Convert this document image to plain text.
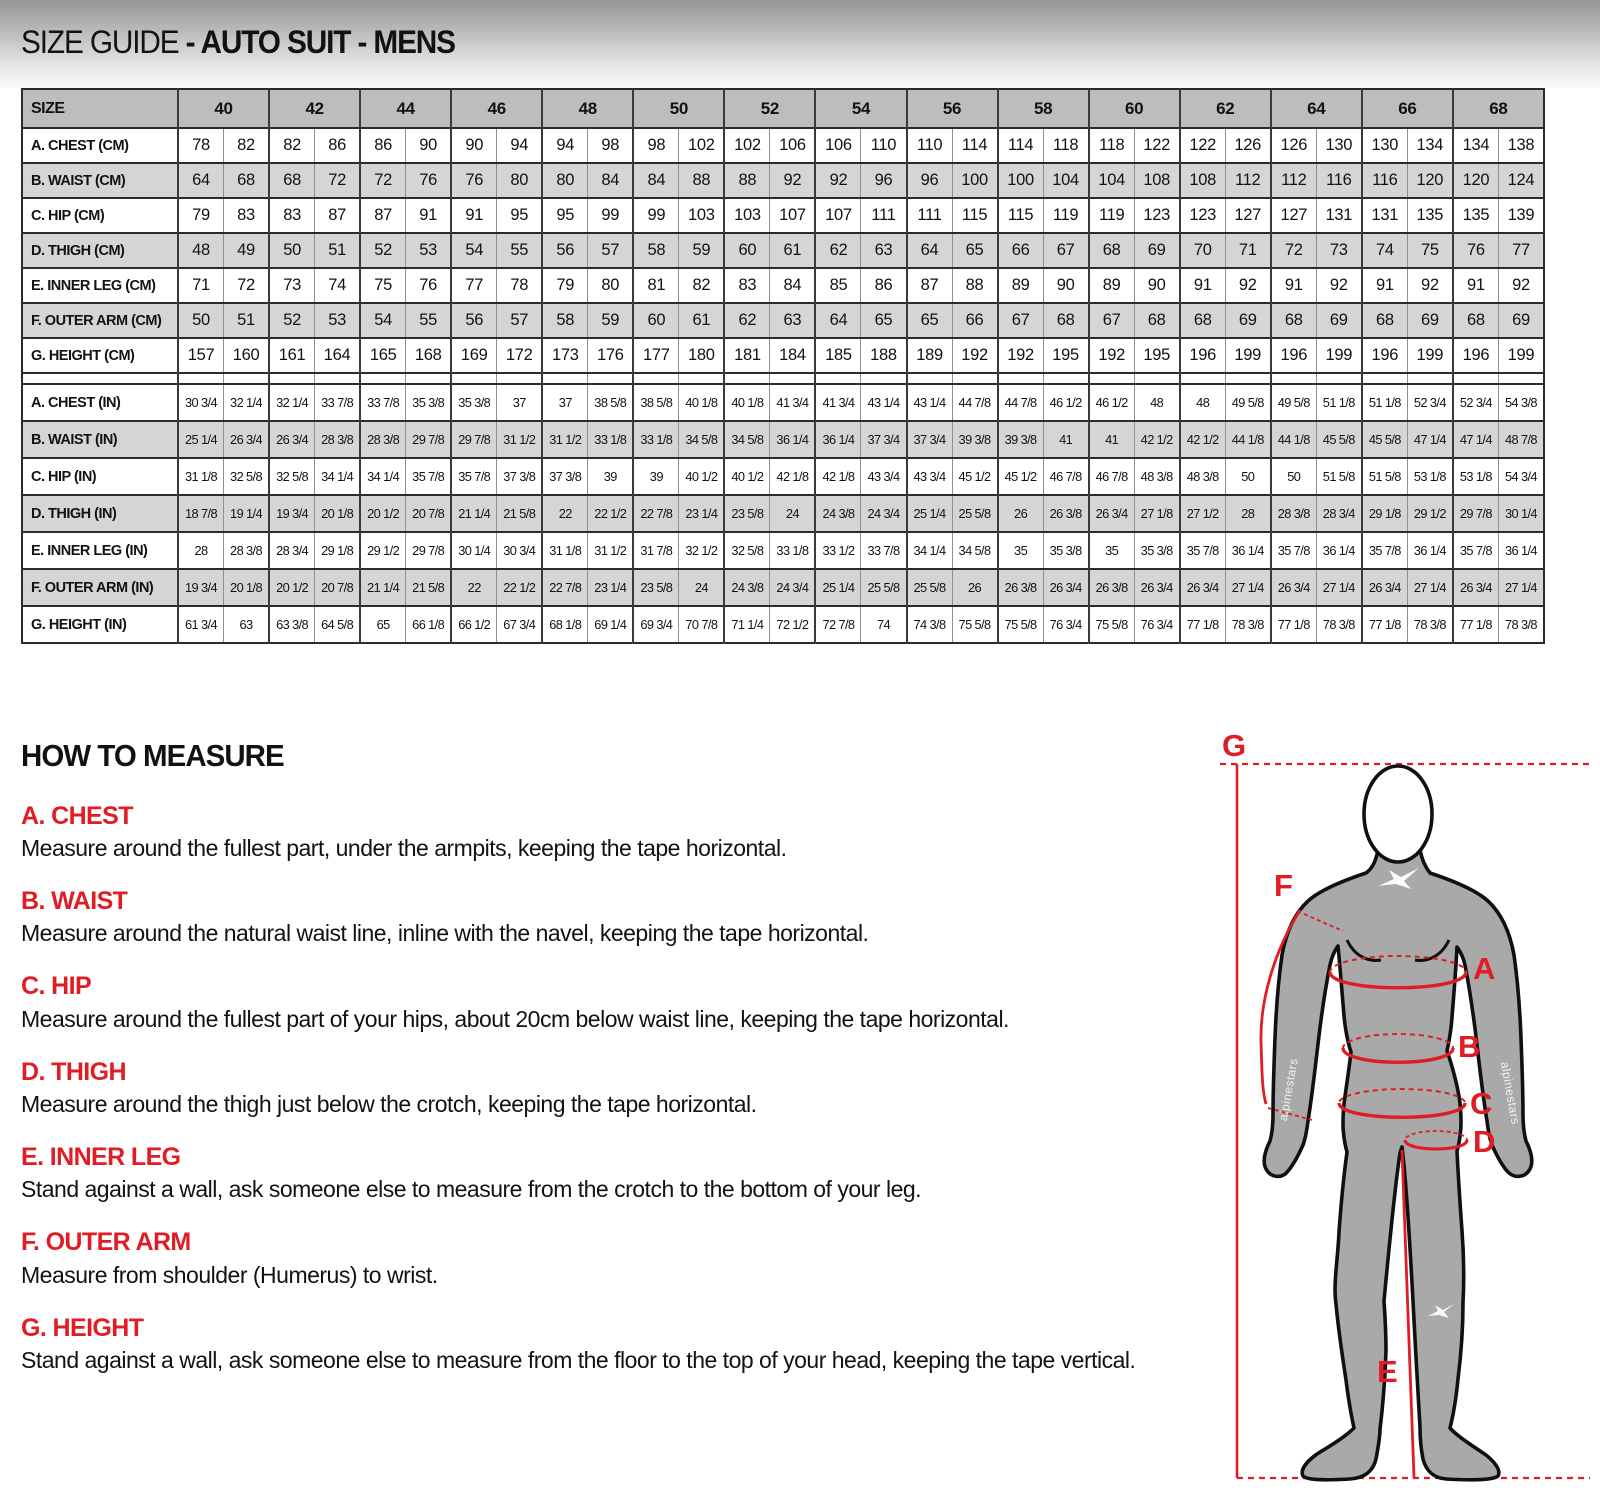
SIZE GUIDE - AUTO SUIT - MENS
SIZE	40		42		44		46		48		50		52		54		56		58		60		62		64		66		68	
A. CHEST (CM)	78	82	82	86	86	90	90	94	94	98	98	102	102	106	106	110	110	114	114	118	118	122	122	126	126	130	130	134	134	138
B. WAIST (CM)	64	68	68	72	72	76	76	80	80	84	84	88	88	92	92	96	96	100	100	104	104	108	108	112	112	116	116	120	120	124
C. HIP (CM)	79	83	83	87	87	91	91	95	95	99	99	103	103	107	107	111	111	115	115	119	119	123	123	127	127	131	131	135	135	139
D. THIGH (CM)	48	49	50	51	52	53	54	55	56	57	58	59	60	61	62	63	64	65	66	67	68	69	70	71	72	73	74	75	76	77
E. INNER LEG (CM)	71	72	73	74	75	76	77	78	79	80	81	82	83	84	85	86	87	88	89	90	89	90	91	92	91	92	91	92	91	92
F. OUTER ARM (CM)	50	51	52	53	54	55	56	57	58	59	60	61	62	63	64	65	65	66	67	68	67	68	68	69	68	69	68	69	68	69
G. HEIGHT (CM)	157	160	161	164	165	168	169	172	173	176	177	180	181	184	185	188	189	192	192	195	192	195	196	199	196	199	196	199	196	199

A. CHEST (IN)	30 3/4	32 1/4	32 1/4	33 7/8	33 7/8	35 3/8	35 3/8	37	37	38 5/8	38 5/8	40 1/8	40 1/8	41 3/4	41 3/4	43 1/4	43 1/4	44 7/8	44 7/8	46 1/2	46 1/2	48	48	49 5/8	49 5/8	51 1/8	51 1/8	52 3/4	52 3/4	54 3/8
B. WAIST (IN)	25 1/4	26 3/4	26 3/4	28 3/8	28 3/8	29 7/8	29 7/8	31 1/2	31 1/2	33 1/8	33 1/8	34 5/8	34 5/8	36 1/4	36 1/4	37 3/4	37 3/4	39 3/8	39 3/8	41	41	42 1/2	42 1/2	44 1/8	44 1/8	45 5/8	45 5/8	47 1/4	47 1/4	48 7/8
C. HIP (IN)	31 1/8	32 5/8	32 5/8	34 1/4	34 1/4	35 7/8	35 7/8	37 3/8	37 3/8	39	39	40 1/2	40 1/2	42 1/8	42 1/8	43 3/4	43 3/4	45 1/2	45 1/2	46 7/8	46 7/8	48 3/8	48 3/8	50	50	51 5/8	51 5/8	53 1/8	53 1/8	54 3/4
D. THIGH (IN)	18 7/8	19 1/4	19 3/4	20 1/8	20 1/2	20 7/8	21 1/4	21 5/8	22	22 1/2	22 7/8	23 1/4	23 5/8	24	24 3/8	24 3/4	25 1/4	25 5/8	26	26 3/8	26 3/4	27 1/8	27 1/2	28	28 3/8	28 3/4	29 1/8	29 1/2	29 7/8	30 1/4
E. INNER LEG (IN)	28	28 3/8	28 3/4	29 1/8	29 1/2	29 7/8	30 1/4	30 3/4	31 1/8	31 1/2	31 7/8	32 1/2	32 5/8	33 1/8	33 1/2	33 7/8	34 1/4	34 5/8	35	35 3/8	35	35 3/8	35 7/8	36 1/4	35 7/8	36 1/4	35 7/8	36 1/4	35 7/8	36 1/4
F. OUTER ARM (IN)	19 3/4	20 1/8	20 1/2	20 7/8	21 1/4	21 5/8	22	22 1/2	22 7/8	23 1/4	23 5/8	24	24 3/8	24 3/4	25 1/4	25 5/8	25 5/8	26	26 3/8	26 3/4	26 3/8	26 3/4	26 3/4	27 1/4	26 3/4	27 1/4	26 3/4	27 1/4	26 3/4	27 1/4
G. HEIGHT (IN)	61 3/4	63	63 3/8	64 5/8	65	66 1/8	66 1/2	67 3/4	68 1/8	69 1/4	69 3/4	70 7/8	71 1/4	72 1/2	72 7/8	74	74 3/8	75 5/8	75 5/8	76 3/4	75 5/8	76 3/4	77 1/8	78 3/8	77 1/8	78 3/8	77 1/8	78 3/8	77 1/8	78 3/8
HOW TO MEASURE
A. CHEST

Measure around the fullest part, under the armpits, keeping the tape horizontal.

B. WAIST

Measure around the natural waist line, inline with the navel, keeping the tape horizontal.

C. HIP

Measure around the fullest part of your hips, about 20cm below waist line, keeping the tape horizontal.

D. THIGH

Measure around the thigh just below the crotch, keeping the tape horizontal.

E. INNER LEG

Stand against a wall, ask someone else to measure from the crotch to the bottom of your leg.

F. OUTER ARM

Measure from shoulder (Humerus) to wrist.

G. HEIGHT

Stand against a wall, ask someone else to measure from the floor to the top of your head, keeping the tape vertical.

alpinestars	alpinestars
G
F
A
B
C
D
E
